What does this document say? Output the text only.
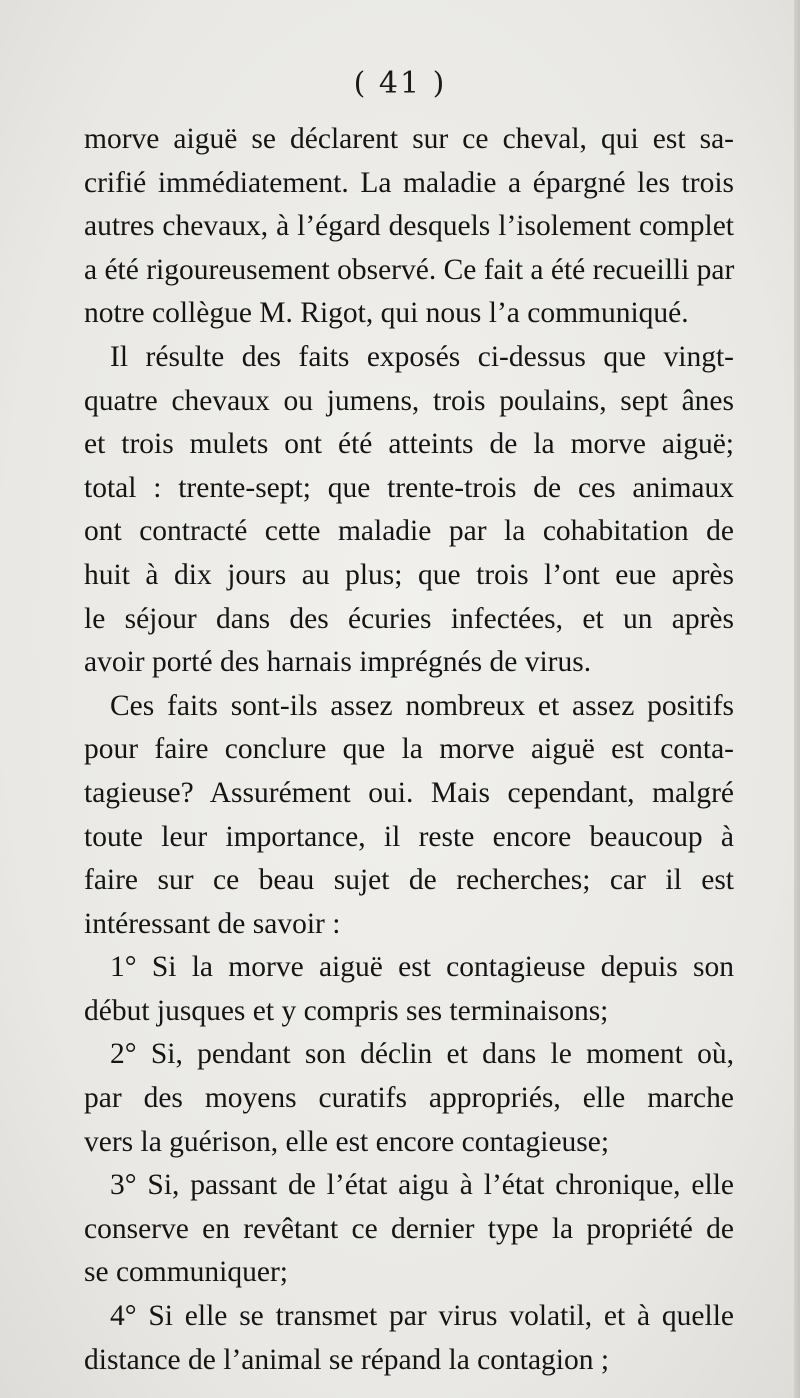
( 41 )
morve aiguë se déclarent sur ce cheval, qui est sa-
crifié immédiatement. La maladie a épargné les trois
autres chevaux, à l’égard desquels l’isolement complet
a été rigoureusement observé. Ce fait a été recueilli par
notre collègue M. Rigot, qui nous l’a communiqué.
Il résulte des faits exposés ci-dessus que vingt-
quatre chevaux ou jumens, trois poulains, sept ânes
et trois mulets ont été atteints de la morve aiguë;
total : trente-sept; que trente-trois de ces animaux
ont contracté cette maladie par la cohabitation de
huit à dix jours au plus; que trois l’ont eue après
le séjour dans des écuries infectées, et un après
avoir porté des harnais imprégnés de virus.
Ces faits sont-ils assez nombreux et assez positifs
pour faire conclure que la morve aiguë est conta-
tagieuse? Assurément oui. Mais cependant, malgré
toute leur importance, il reste encore beaucoup à
faire sur ce beau sujet de recherches; car il est
intéressant de savoir :
1° Si la morve aiguë est contagieuse depuis son
début jusques et y compris ses terminaisons;
2° Si, pendant son déclin et dans le moment où,
par des moyens curatifs appropriés, elle marche
vers la guérison, elle est encore contagieuse;
3° Si, passant de l’état aigu à l’état chronique, elle
conserve en revêtant ce dernier type la propriété de
se communiquer;
4° Si elle se transmet par virus volatil, et à quelle
distance de l’animal se répand la contagion ;
